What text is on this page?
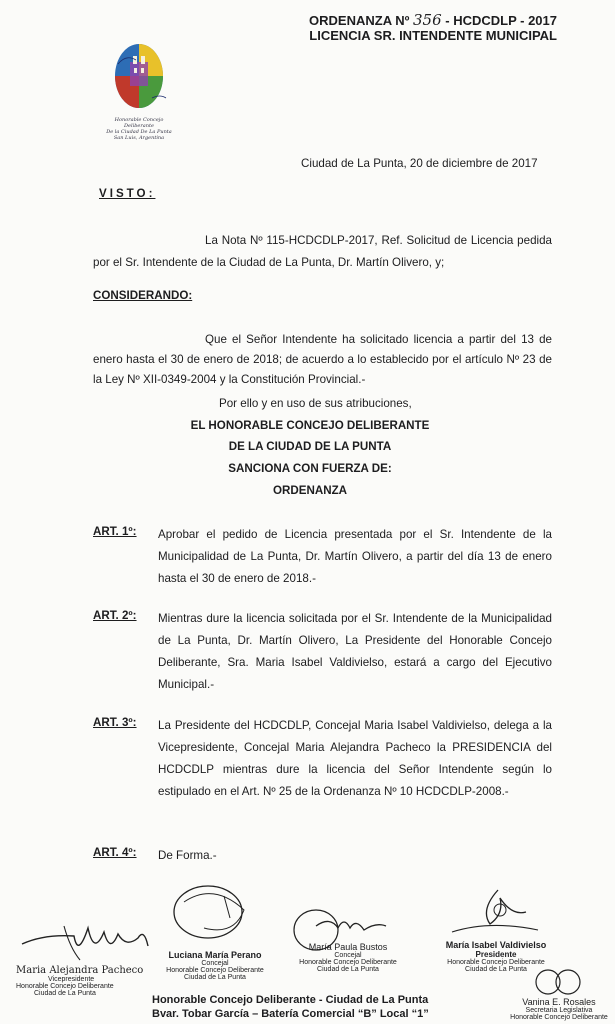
ORDENANZA Nº 356 - HCDCDLP - 2017
LICENCIA SR. INTENDENTE MUNICIPAL
Honorable Concejo Deliberante
De la Ciudad De La Punta
San Luis, Argentina
Ciudad de La Punta, 20 de diciembre de 2017
VISTO:
La Nota Nº 115-HCDCDLP-2017, Ref. Solicitud de Licencia pedida por el Sr. Intendente de la Ciudad de La Punta, Dr. Martín Olivero, y;
CONSIDERANDO:
Que el Señor Intendente ha solicitado licencia a partir del 13 de enero hasta el 30 de enero de 2018; de acuerdo a lo establecido por el artículo Nº 23 de la Ley Nº XII-0349-2004 y la Constitución Provincial.-
Por ello y en uso de sus atribuciones,
EL HONORABLE CONCEJO DELIBERANTE
DE LA CIUDAD DE LA PUNTA
SANCIONA CON FUERZA DE:
ORDENANZA
ART. 1º: Aprobar el pedido de Licencia presentada por el Sr. Intendente de la Municipalidad de La Punta, Dr. Martín Olivero, a partir del día 13 de enero hasta el 30 de enero de 2018.-
ART. 2º: Mientras dure la licencia solicitada por el Sr. Intendente de la Municipalidad de La Punta, Dr. Martín Olivero, La Presidente del Honorable Concejo Deliberante, Sra. Maria Isabel Valdivielso, estará a cargo del Ejecutivo Municipal.-
ART. 3º: La Presidente del HCDCDLP, Concejal Maria Isabel Valdivielso, delega a la Vicepresidente, Concejal Maria Alejandra Pacheco la PRESIDENCIA del HCDCDLP mientras dure la licencia del Señor Intendente según lo estipulado en el Art. Nº 25 de la Ordenanza Nº 10 HCDCDLP-2008.-
ART. 4º: De Forma.-
Maria Alejandra Pacheco
Vicepresidente
Honorable Concejo Deliberante
Ciudad de La Punta
Luciana María Perano
Concejal
Honorable Concejo Deliberante
Ciudad de La Punta
María Paula Bustos
Concejal
Honorable Concejo Deliberante
Ciudad de La Punta
María Isabel Valdivielso
Presidente
Honorable Concejo Deliberante
Ciudad de La Punta
Vanina E. Rosales
Secretaria Legislativa
Honorable Concejo Deliberante
Honorable Concejo Deliberante - Ciudad de La Punta
Bvar. Tobar García – Batería Comercial “B” Local “1”
